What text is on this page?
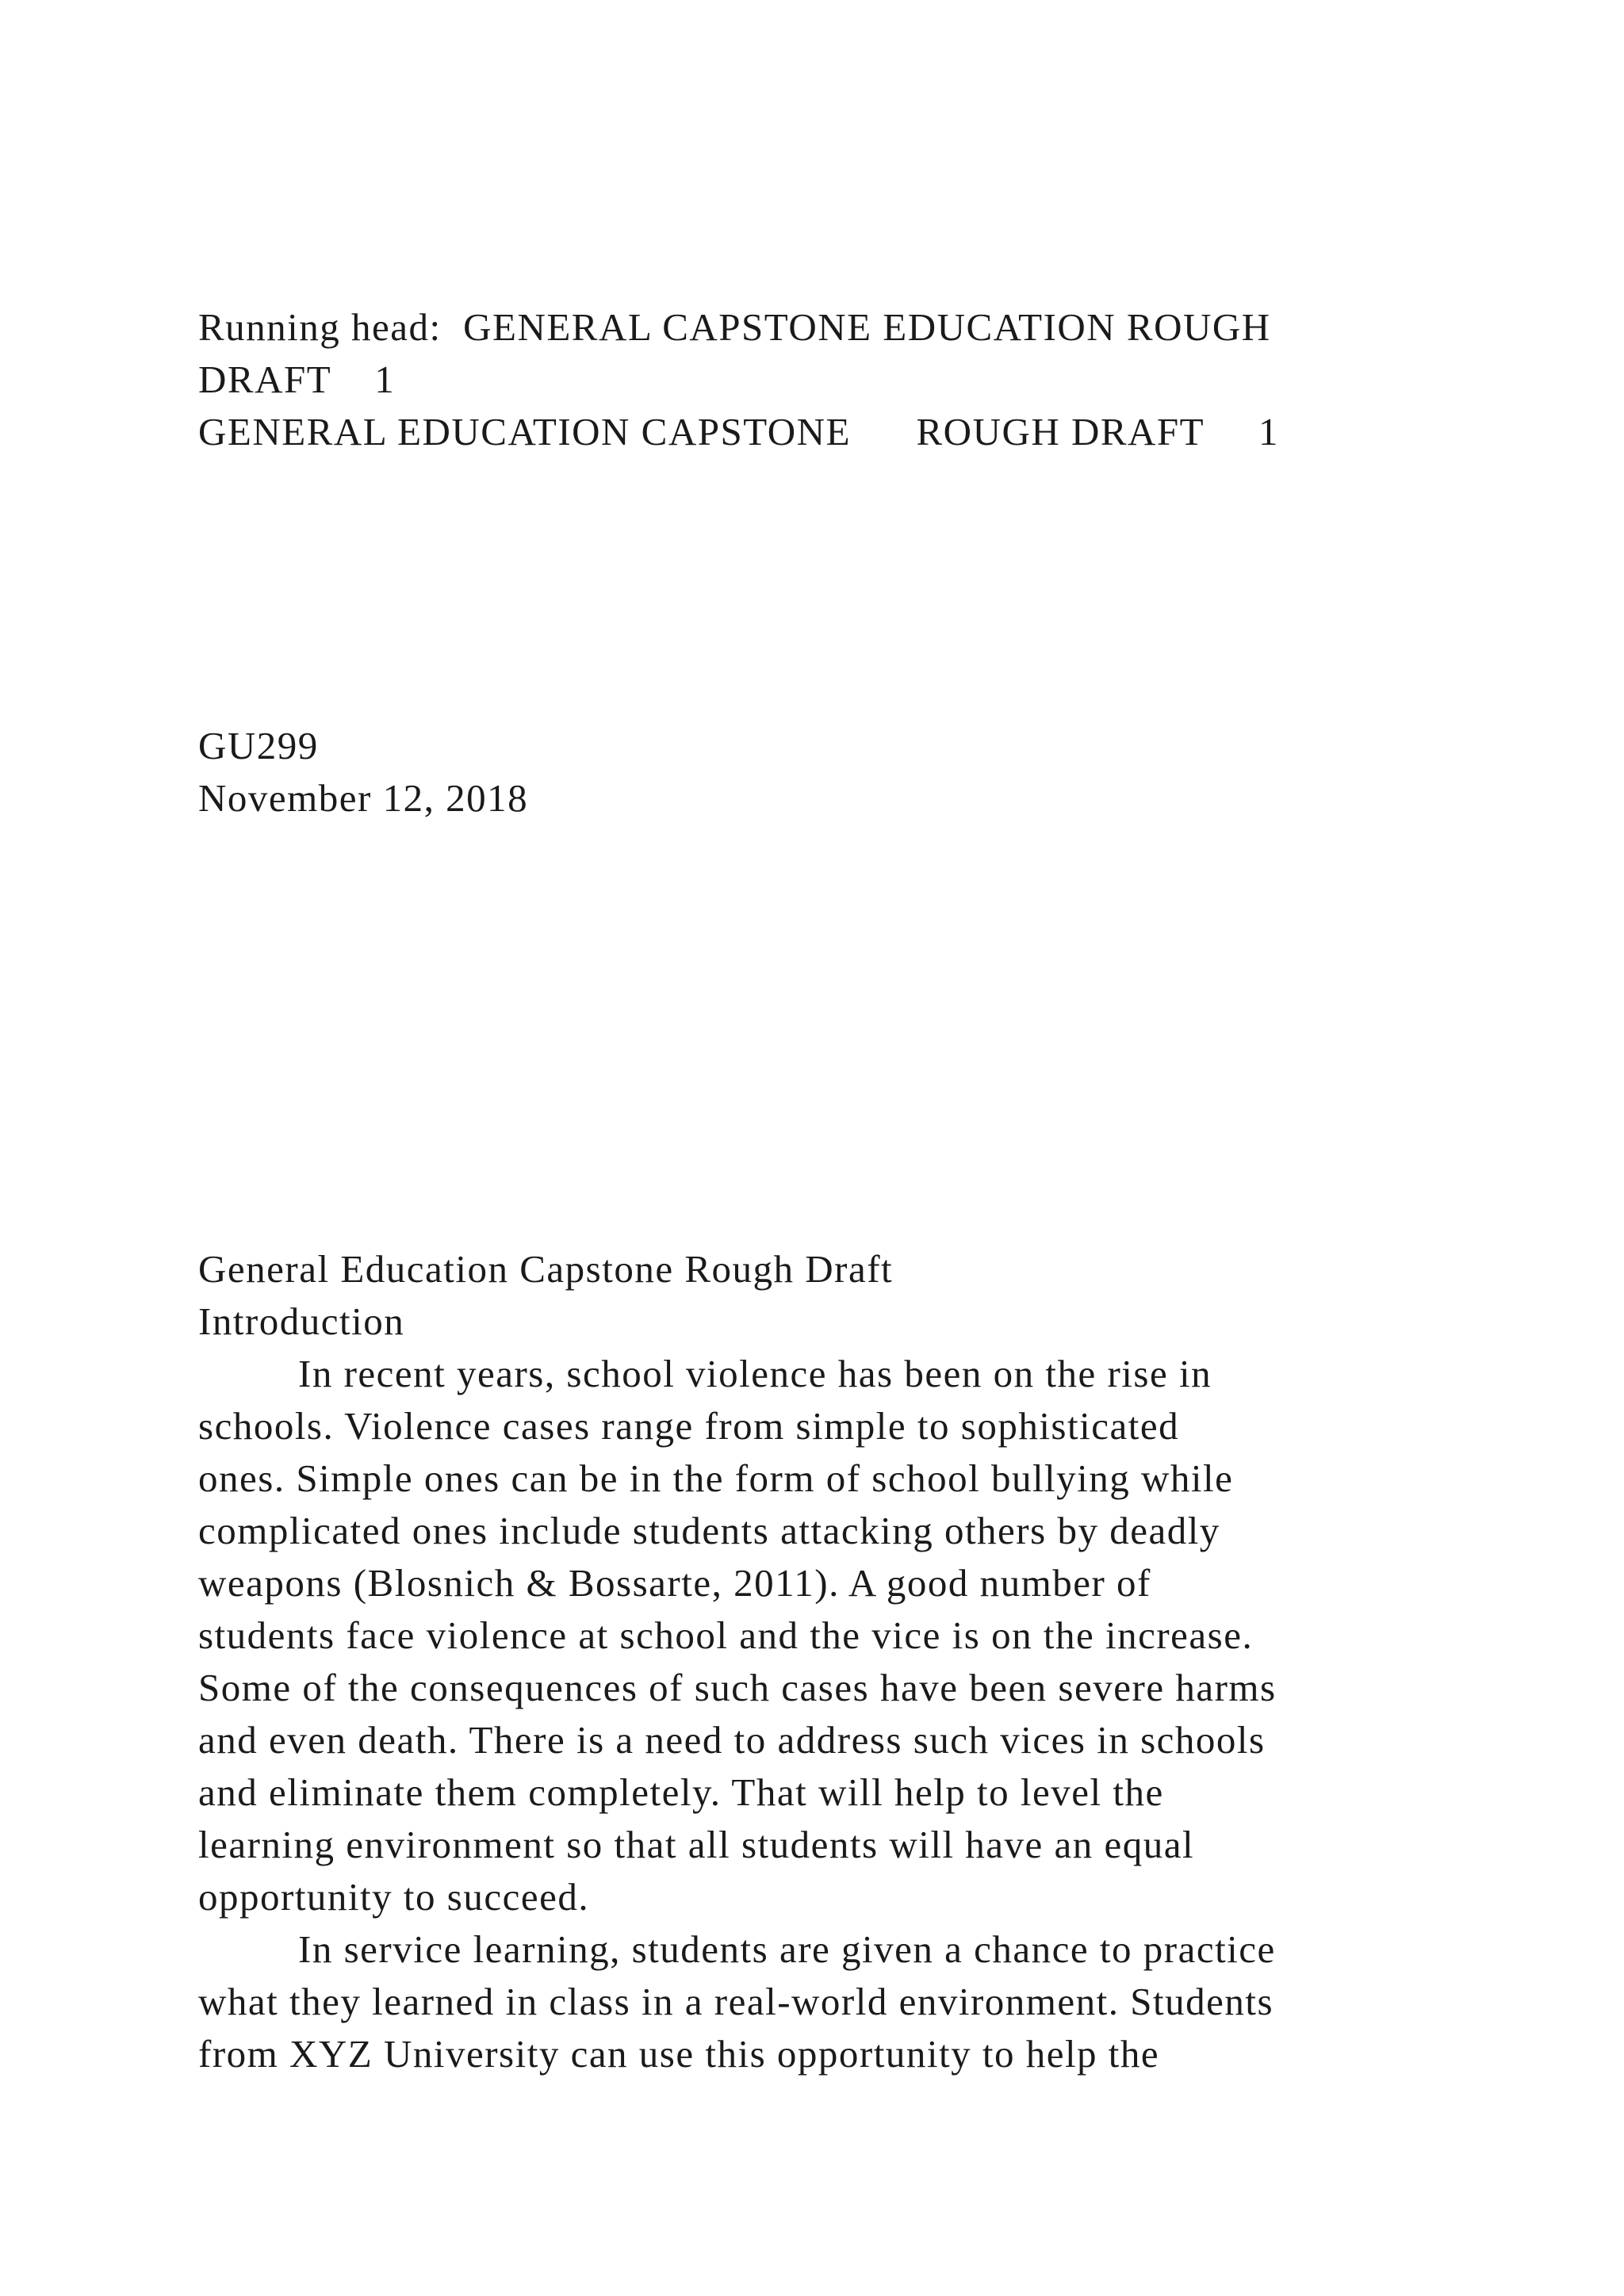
Running head:  GENERAL CAPSTONE EDUCATION ROUGH
DRAFT    1
GENERAL EDUCATION CAPSTONE      ROUGH DRAFT     1
GU299
November 12, 2018
General Education Capstone Rough Draft
Introduction
In recent years, school violence has been on the rise in
schools. Violence cases range from simple to sophisticated
ones. Simple ones can be in the form of school bullying while
complicated ones include students attacking others by deadly
weapons (Blosnich & Bossarte, 2011). A good number of
students face violence at school and the vice is on the increase.
Some of the consequences of such cases have been severe harms
and even death. There is a need to address such vices in schools
and eliminate them completely. That will help to level the
learning environment so that all students will have an equal
opportunity to succeed.
In service learning, students are given a chance to practice
what they learned in class in a real-world environment. Students
from XYZ University can use this opportunity to help the
